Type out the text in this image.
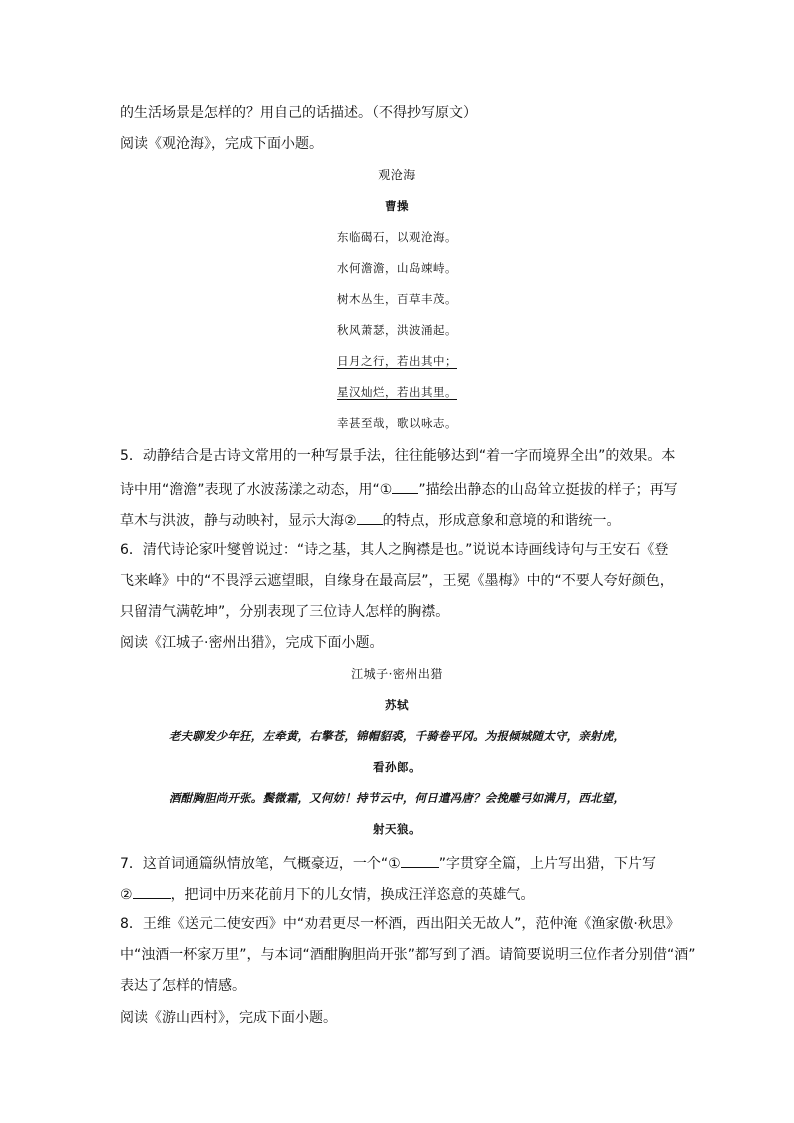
的生活场景是怎样的？用自己的话描述。（不得抄写原文）
阅读《观沧海》，完成下面小题。
观沧海
曹操
东临碣石，以观沧海。
水何澹澹，山岛竦峙。
树木丛生，百草丰茂。
秋风萧瑟，洪波涌起。
日月之行，若出其中；
星汉灿烂，若出其里。
幸甚至哉，歌以咏志。
5．动静结合是古诗文常用的一种写景手法，往往能够达到“着一字而境界全出”的效果。本
诗中用“澹澹”表现了水波荡漾之动态，用“① ”描绘出静态的山岛耸立挺拔的样子；再写
草木与洪波，静与动映衬，显示大海② 的特点，形成意象和意境的和谐统一。
6．清代诗论家叶燮曾说过：“诗之基，其人之胸襟是也。”说说本诗画线诗句与王安石《登
飞来峰》中的“不畏浮云遮望眼，自缘身在最高层”，王冕《墨梅》中的“不要人夸好颜色，
只留清气满乾坤”，分别表现了三位诗人怎样的胸襟。
阅读《江城子·密州出猎》，完成下面小题。
江城子·密州出猎
苏轼
老夫聊发少年狂，左牵黄，右擎苍，锦帽貂裘，千骑卷平冈。为报倾城随太守，亲射虎，
看孙郎。
酒酣胸胆尚开张。鬓微霜，又何妨！持节云中，何日遣冯唐？会挽雕弓如满月，西北望，
射天狼。
7．这首词通篇纵情放笔，气概豪迈，一个“①	”字贯穿全篇，上片写出猎，下片写
②	，把词中历来花前月下的儿女情，换成汪洋恣意的英雄气。
8．王维《送元二使安西》中“劝君更尽一杯酒，西出阳关无故人”，范仲淹《渔家傲·秋思》
中“浊酒一杯家万里”，与本词“酒酣胸胆尚开张”都写到了酒。请简要说明三位作者分别借“酒”
表达了怎样的情感。
阅读《游山西村》，完成下面小题。
